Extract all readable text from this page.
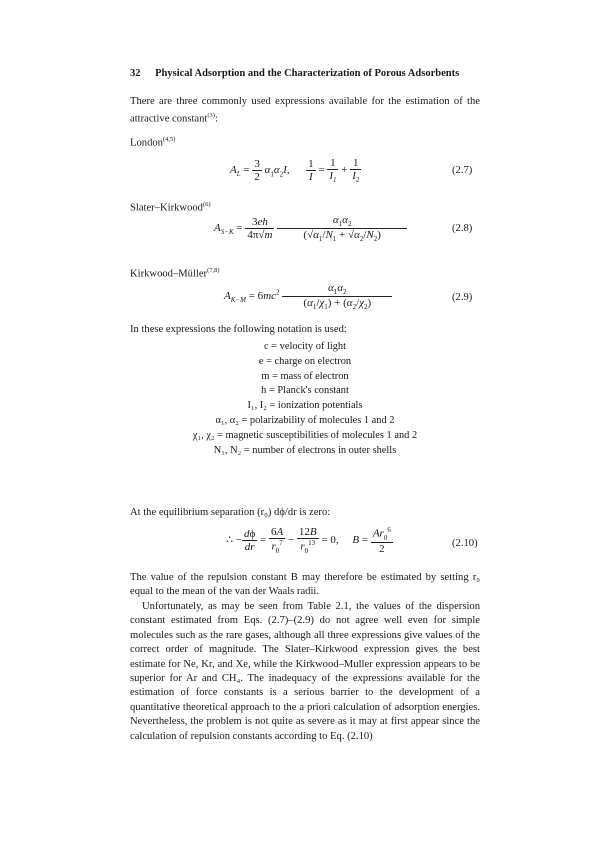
32 Physical Adsorption and the Characterization of Porous Adsorbents
There are three commonly used expressions available for the estimation of the attractive constant$^{(3)}$:
London$^{(4,5)}$
$A_L = \frac{3}{2} \alpha_1\alpha_2I$, $\frac{1}{I} = \frac{1}{I_1} + \frac{1}{I_2}$	(2.7)
Slater–Kirkwood$^{(6)}$
$A_{S-K} = \frac{3eh}{4\pi√m}$
$\frac{\alpha_1\alpha_2}{(√\alpha_1/N_1 + √\alpha_2/N_2)}$	(2.8)
Kirkwood–Müller$^{(7,8)}$
$A_{K-M} = 6mc^2 \frac{\alpha_1\alpha_2}{(\alpha_1/\chi_1) + (\alpha_2/\chi_2)}$	(2.9)
In these expressions the following notation is used:
c = velocity of light
e = charge on electron
m = mass of electron
h = Planck's constant
I₁, I₂ = ionization potentials
α₁, α₂ = polarizability of molecules 1 and 2
χ₁, χ₂ = magnetic susceptibilities of molecules 1 and 2
N₁, N₂ = number of electrons in outer shells
At the equilibrium separation (r₀) dϕ/dr is zero:
∴ − $\frac{d\phi}{dr} = \frac{6A}{r_0^7} - \frac{12B}{r_0^{13}} = 0$,     $B = \frac{Ar_0^6}{2}$	(2.10)
The value of the repulsion constant B may therefore be estimated by setting r₀ equal to the mean of the van der Waals radii.
Unfortunately, as may be seen from Table 2.1, the values of the dispersion constant estimated from Eqs. (2.7)–(2.9) do not agree well even for simple molecules such as the rare gases, although all three expressions give values of the correct order of magnitude. The Slater–Kirkwood expression gives the best estimate for Ne, Kr, and Xe, while the Kirkwood–Muller expression appears to be superior for Ar and CH₄. The inadequacy of the expressions available for the estimation of force constants is a serious barrier to the development of a quantitative theoretical approach to the a priori calculation of adsorption energies. Nevertheless, the problem is not quite as severe as it may at first appear since the calculation of repulsion constants according to Eq. (2.10)
